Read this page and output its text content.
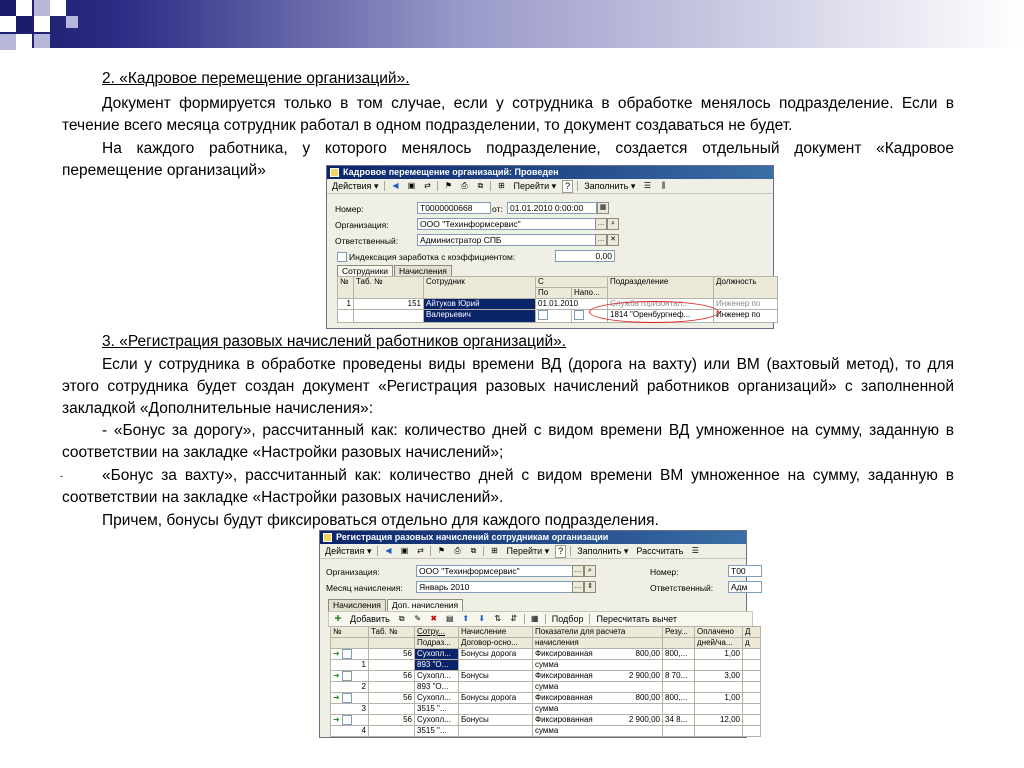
2. «Кадровое перемещение организаций».
Документ формируется только в том случае, если у сотрудника в обработке менялось подразделение. Если в течение всего месяца сотрудник работал в одном подразделении, то документ создаваться не будет.
На каждого работника, у которого менялось подразделение, создается отдельный документ «Кадровое перемещение организаций»	Кадровое перемещение организаций: Проведен
Действия ▾	◀	▣	⇄	⚑	⎙	⧉	⊞ Перейти ▾	?	Заполнить ▾	☰	⫼
Номер:	Т0000000668	от: 01.01.2010 0:00:00	▦
Организация:	ООО "Техинформсервис"	… ⌕
Ответственный:	Администратор СПБ	… ✕
Индексация заработка с коэффициентом:	0,00
Сотрудники	Начисления
№	Таб. №	Сотрудник	С		Подразделение	Должность
			По	Напо...		
1	151	Айтуков Юрий	01.01.2010		Служба горизонтал...	Инженер по
		Валерьевич			1814 "Оренбургнеф...	Инженер по
3. «Регистрация разовых начислений работников организаций».
Если у сотрудника в обработке проведены виды времени ВД (дорога на вахту) или ВМ (вахтовый метод), то для этого сотрудника будет создан документ «Регистрация разовых начислений работников организаций» с заполненной закладкой «Дополнительные начисления»:
- «Бонус за дорогу», рассчитанный как: количество дней с видом времени ВД умноженное на сумму, заданную в соответствии на закладке «Настройки разовых начислений»;
-	«Бонус за вахту», рассчитанный как: количество дней с видом времени ВМ умноженное на сумму, заданную в соответствии на закладке «Настройки разовых начислений».
Причем, бонусы будут фиксироваться отдельно для каждого подразделения.
Регистрация разовых начислений сотрудникам организации
Действия ▾	◀	▣	⇄	⚑	⎙	⧉	⊞ Перейти ▾	?	Заполнить ▾ Рассчитать	☰
Организация:	ООО "Техинформсервис"	… ⌕	Номер:	Т00
Месяц начисления:	Январь 2010	… ⇕	Ответственный:	Адм
Начисления	Доп. начисления
✚ Добавить	⧉	✎	✖	▤	⬆	⬇	⇅	⇵	▦ Подбор Пересчитать вычет
№	Таб. №	Сотру...	Начисление	Показатели для расчета	Резу...	Оплачено	Д
		Подраз...	Договор-осно...	начисления		дней/ча...	д
➜	56	Сухопл...	Бонусы дорога	Фиксированная 800,00	800,...	1,00	
1		893 "О...		сумма			
➜	56	Сухопл...	Бонусы	Фиксированная 2 900,00	8 70...	3,00	
2		893 "О...		сумма			
➜	56	Сухопл...	Бонусы дорога	Фиксированная 800,00	800,...	1,00	
3		3515 "...		сумма			
➜	56	Сухопл...	Бонусы	Фиксированная 2 900,00	34 8...	12,00	
4		3515 "...		сумма			
